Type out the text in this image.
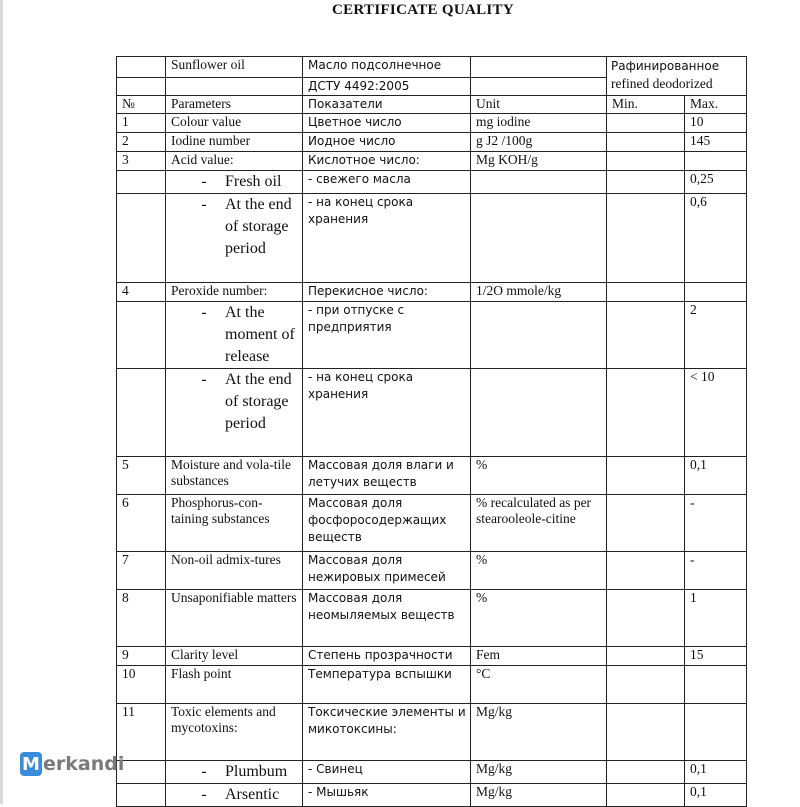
CERTIFICATE QUALITY
	Sunflower oil	Масло подсолнечное		Рафинированное
refined deodorized	

		ДСТУ 4492:2005			
№	Parameters	Показатели	Unit	Min.	Max.
1	Colour value	Цветное число	mg iodine		10
2	Iodine number	Иодное число	g J2 /100g		145
3	Acid value:	Кислотное число:	Mg KOH/g		

	- Fresh oil	- свежего масла			0,25

	- At the end of storage period	- на конец срока хранения			0,6
4	Peroxide number:	Перекисное число:	1/2O mmole/kg		

	- At the moment of release	- при отпуске с предприятия			2

	- At the end of storage period	- на конец срока хранения			< 10
5	Moisture and vola-tile substances	Массовая доля влаги и летучих веществ	%		0,1
6	Phosphorus-con-taining substances	Массовая доля фосфоросодержащих веществ	% recalculated as per stearooleole-citine		-
7	Non-oil admix-tures	Массовая доля нежировых примесей	%		-
8	Unsaponifiable matters	Массовая доля неомыляемых веществ	%		1
9	Clarity level	Степень прозрачности	Fem		15
10	Flash point	Температура вспышки	°C		
11	Toxic elements and mycotoxins:	Токсические элементы и микотоксины:	Mg/kg		

	- Plumbum	- Свинец	Mg/kg		0,1

	- Arsentic	- Мышьяк	Mg/kg		0,1
M erkandi
